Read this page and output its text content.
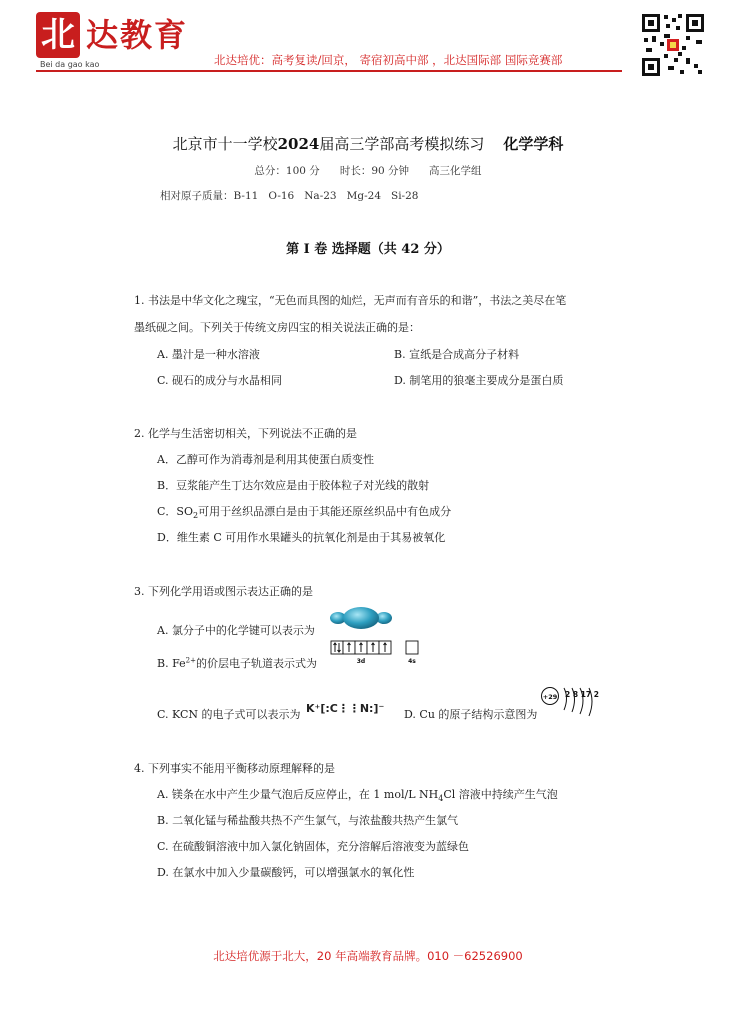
北 达教育
Bei da gao kao	北达培优：高考复读/回京， 寄宿初高中部 ，北达国际部 国际竞赛部
北京市十一学校2024届高三学部高考模拟练习 化学学科
总分：100 分      时长：90 分钟      高三化学组
相对原子质量：B-11   O-16   Na-23   Mg-24   Si-28
第 I 卷 选择题（共 42 分）
1. 书法是中华文化之瑰宝，“无色而具图的灿烂，无声而有音乐的和谐”，书法之美尽在笔
墨纸砚之间。下列关于传统文房四宝的相关说法正确的是：
A. 墨汁是一种水溶液	B. 宣纸是合成高分子材料
C. 砚石的成分与水晶相同	D. 制笔用的狼毫主要成分是蛋白质
2. 化学与生活密切相关，下列说法不正确的是
A．乙醇可作为消毒剂是利用其使蛋白质变性
B．豆浆能产生丁达尔效应是由于胶体粒子对光线的散射
C．$SO_2$可用于丝织品漂白是由于其能还原丝织品中有色成分
D．维生素 C 可用作水果罐头的抗氧化剂是由于其易被氧化
3. 下列化学用语或图示表达正确的是
A. 氯分子中的化学键可以表示为
B. $Fe^{2+}$的价层电子轨道表示式为	3d	4s
C. KCN 的电子式可以表示为 K⁺[:C⋮⋮N:]⁻ D. Cu 的原子结构示意图为
+29 2 8 17 2
4. 下列事实不能用平衡移动原理解释的是
A. 镁条在水中产生少量气泡后反应停止，在 1 mol/L $NH_4Cl$ 溶液中持续产生气泡
B. 二氧化锰与稀盐酸共热不产生氯气，与浓盐酸共热产生氯气
C. 在硫酸铜溶液中加入氯化钠固体，充分溶解后溶液变为蓝绿色
D. 在氯水中加入少量碳酸钙，可以增强氯水的氧化性
北达培优源于北大，20 年高端教育品牌。010 －62526900
